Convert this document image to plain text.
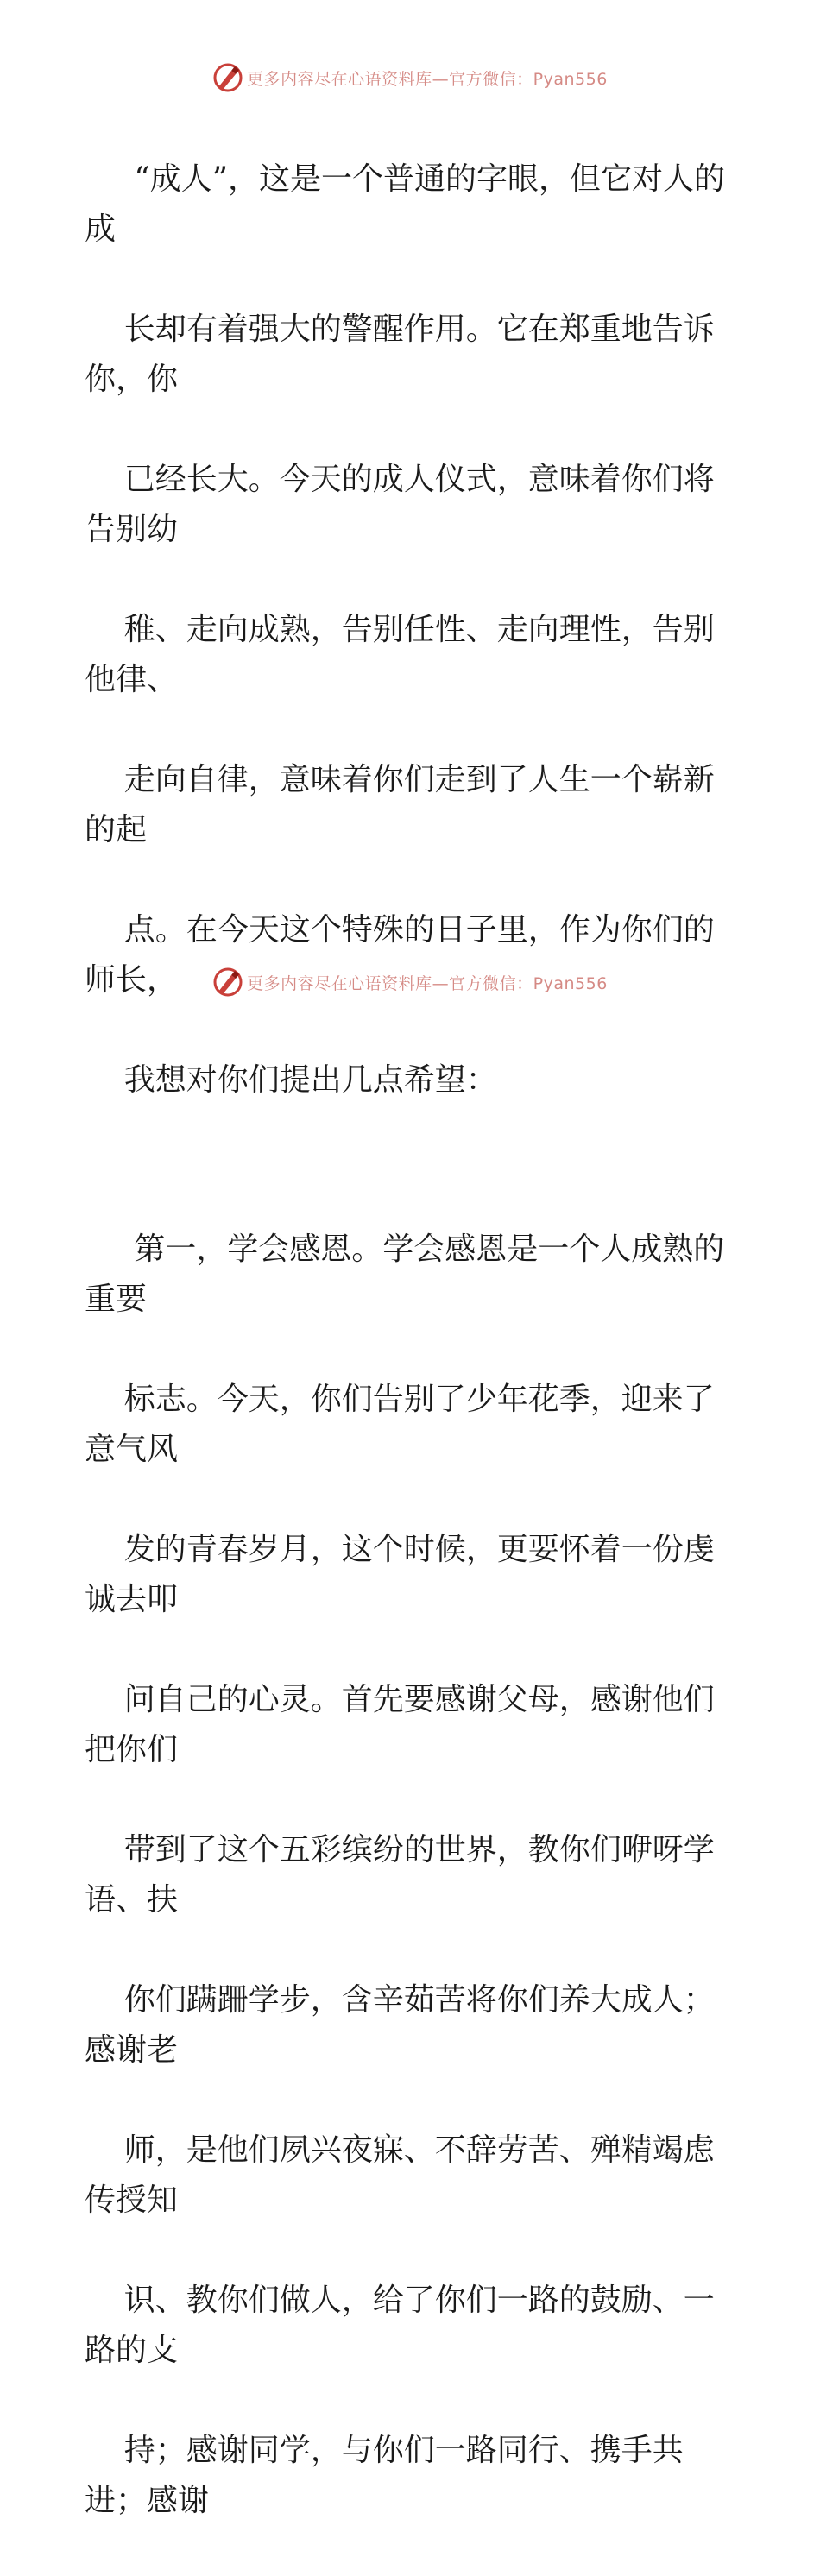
更多内容尽在心语资料库—官方微信：Pyan556

“成人”，这是一个普通的字眼，但它对人的成

长却有着强大的警醒作用。它在郑重地告诉你，你

已经长大。今天的成人仪式，意味着你们将告别幼

稚、走向成熟，告别任性、走向理性，告别他律、

走向自律，意味着你们走到了人生一个崭新的起

点。在今天这个特殊的日子里，作为你们的师长，

我想对你们提出几点希望：

第一，学会感恩。学会感恩是一个人成熟的重要

标志。今天，你们告别了少年花季，迎来了意气风

发的青春岁月，这个时候，更要怀着一份虔诚去叩

问自己的心灵。首先要感谢父母，感谢他们把你们

带到了这个五彩缤纷的世界，教你们咿呀学语、扶

你们蹒跚学步，含辛茹苦将你们养大成人；感谢老

师，是他们夙兴夜寐、不辞劳苦、殚精竭虑传授知

识、教你们做人，给了你们一路的鼓励、一路的支

持；感谢同学，与你们一路同行、携手共进；感谢

更多内容尽在心语资料库—官方微信：Pyan556
